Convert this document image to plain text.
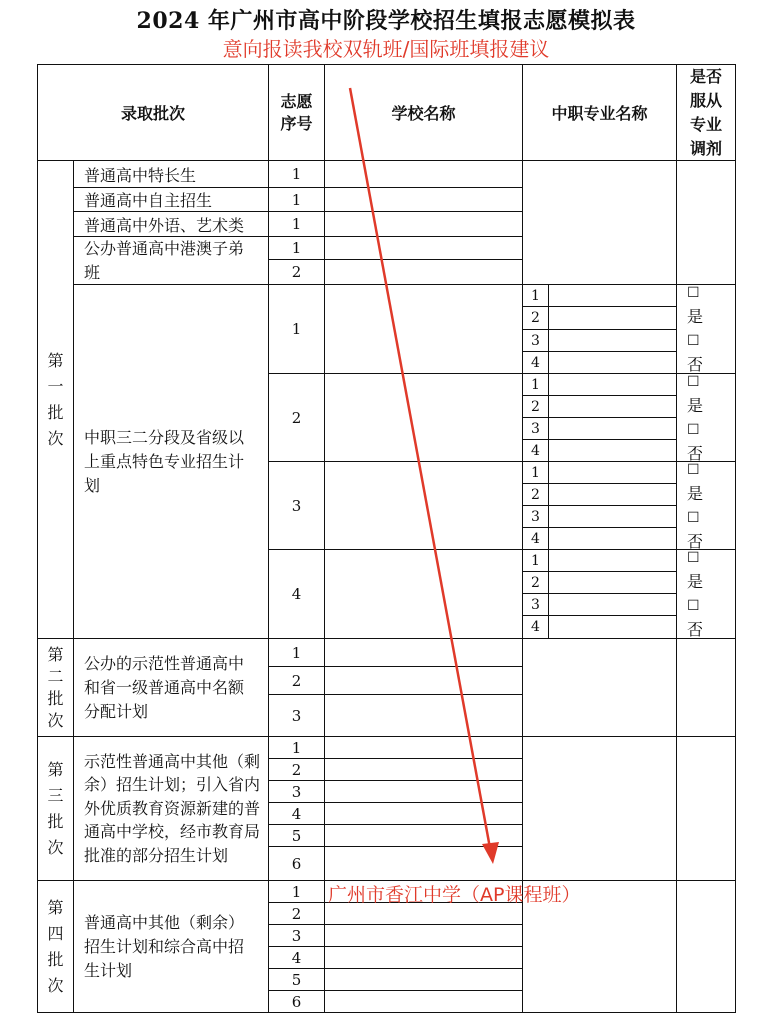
2024 年广州市高中阶段学校招生填报志愿模拟表
意向报读我校双轨班/国际班填报建议
录取批次
志愿序号	学校名称	中职专业名称
是否服从专业调剂
第一批次
第二批次
第三批次
第四批次
普通高中特长生
普通高中自主招生
普通高中外语、艺术类
公办普通高中港澳子弟班
中职三二分段及省级以上重点特色专业招生计划
公办的示范性普通高中和省一级普通高中名额分配计划
示范性普通高中其他（剩余）招生计划；引入省内外优质教育资源新建的普通高中学校，经市教育局批准的部分招生计划
普通高中其他（剩余）招生计划和综合高中招生计划
1
1
1
1
2
1
2
3
4
1
2
3
4
1
2
3
4
1
2
3
4
1
2
3
4
☐
是
☐
否
☐
是
☐
否
☐
是
☐
否
☐
是
☐
否
1
2
3
1
2
3
4
5
6
1
2
3
4
5
6
广州市香江中学（AP课程班）
